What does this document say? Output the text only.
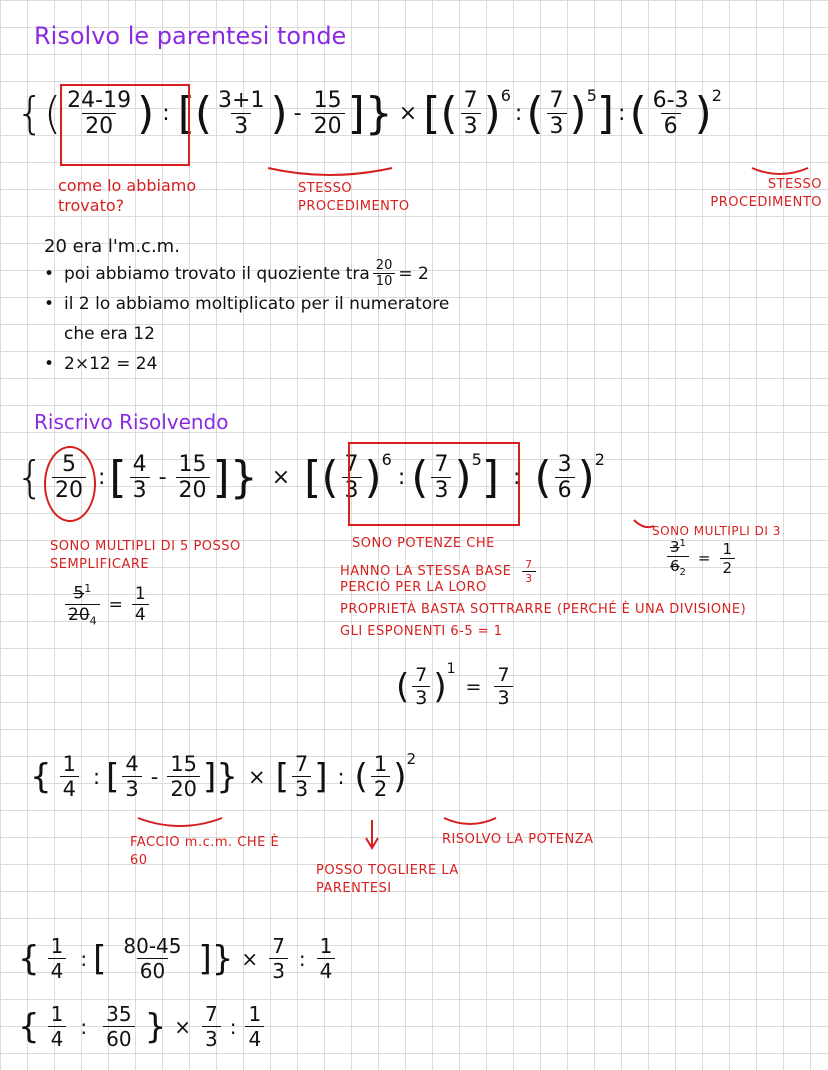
Risolvo le parentesi tonde
{( $\frac{24-19}{20}$ ) : [( $\frac{3+1}{3}$ ) - $\frac{15}{20}$ ]} × [( $\frac{7}{3}$ ) 6
: ( $\frac{7}{3}$ ) 5 ] : ( $\frac{6-3}{6}$ ) 2
come lo abbiamo trovato?
STESSO PROCEDIMENTO
STESSO PROCEDIMENTO
20 era l'm.c.m.
• poi abbiamo trovato il quoziente tra $\frac{20}{10} = 2$
• il 2 lo abbiamo moltiplicato per il numeratore
che era 12
• 2×12 = 24
Riscrivo Risolvendo
{ $\frac{5}{20}$ : [ $\frac{4}{3} - \frac{15}{20}$ ]} × [( $\frac{7}{3}$ ) 6
: ( $\frac{7}{3}$ ) 5 ] : ( $\frac{3}{6}$ ) 2
SONO MULTIPLI DI 5 POSSO SEMPLIFICARE
$\frac{5^1}{20_4} = \frac{1}{4}$
SONO POTENZE CHE
HANNO LA STESSA BASE $\frac{7}{3}$
PERCIÒ PER LA LORO
PROPRIETÀ BASTA SOTTRARRE (PERCHÉ È UNA DIVISIONE)
GLI ESPONENTI 6-5 = 1
SONO MULTIPLI DI 3
$\frac{3^1}{6_2} = \frac{1}{2}$
( $\frac{7}{3}$ ) 1
= $\frac{7}{3}$
{ $\frac{1}{4}$ : [ $\frac{4}{3} - \frac{15}{20}$ ]} × [ $\frac{7}{3}$ ] : ( $\frac{1}{2}$ ) 2
FACCIO m.c.m. CHE È 60
POSSO TOGLIERE LA PARENTESI
RISOLVO LA POTENZA
{ $\frac{1}{4}$ : [ $\frac{80-45}{60}$ ]} × $\frac{7}{3}$ : $\frac{1}{4}$
{ $\frac{1}{4}$ : $\frac{35}{60}$ } × $\frac{7}{3}$ : $\frac{1}{4}$
